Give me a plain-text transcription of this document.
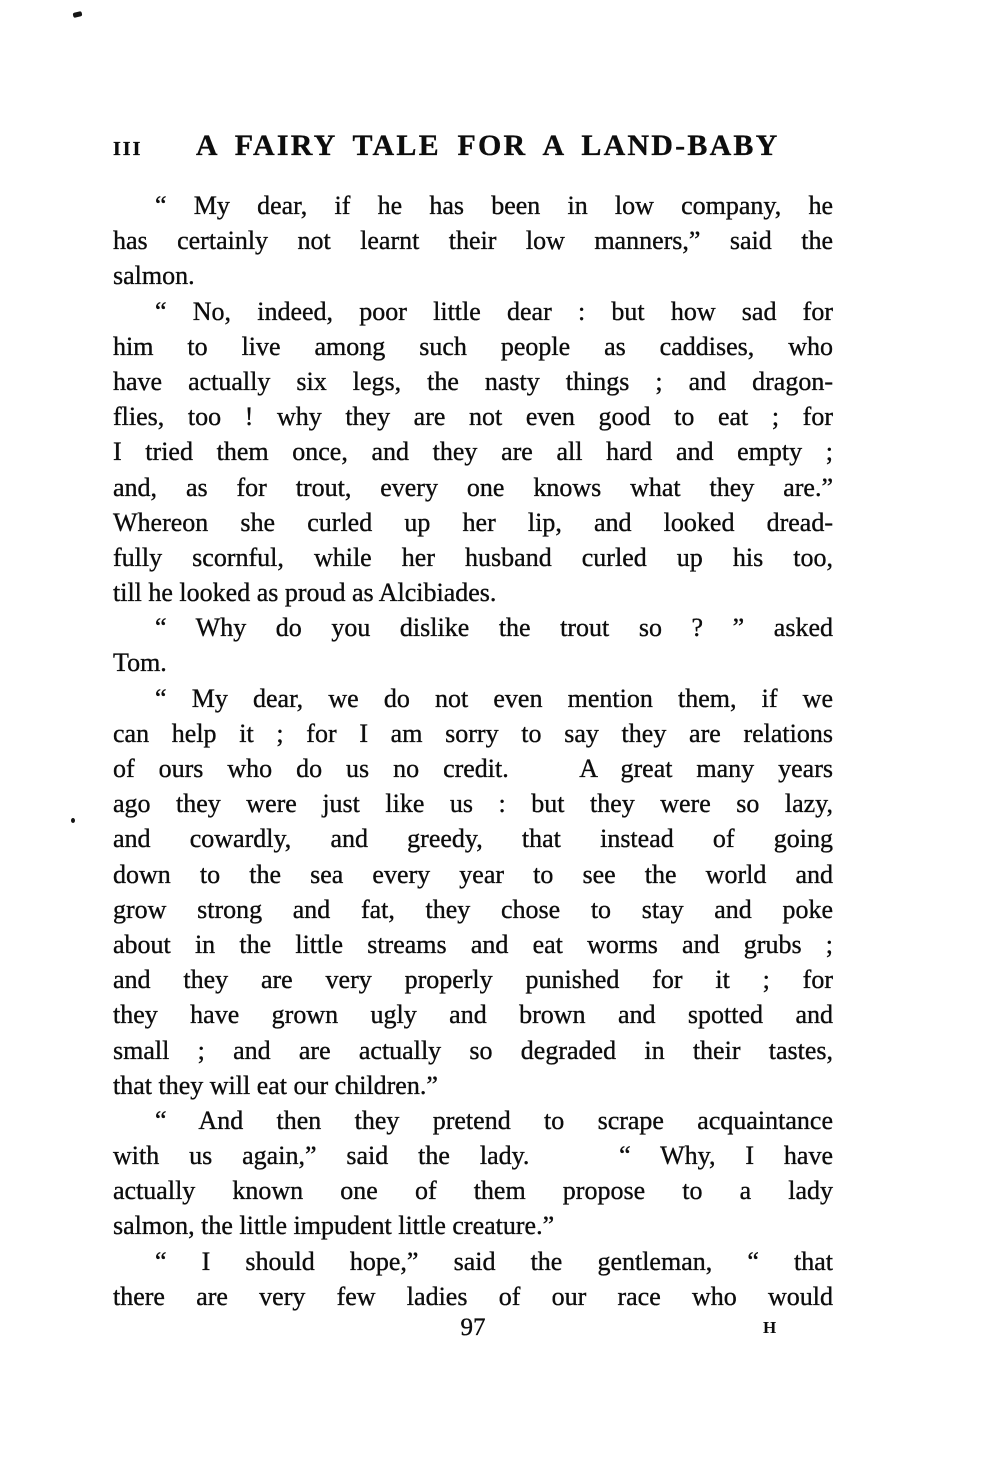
III	A FAIRY TALE FOR A LAND-BABY
“ My dear, if he has been in low company, he
has certainly not learnt their low manners,” said the
salmon.
“ No, indeed, poor little dear : but how sad for
him to live among such people as caddises, who
have actually six legs, the nasty things ; and dragon-
flies, too ! why they are not even good to eat ; for
I tried them once, and they are all hard and empty ;
and, as for trout, every one knows what they are.”
Whereon she curled up her lip, and looked dread-
fully scornful, while her husband curled up his too,
till he looked as proud as Alcibiades.
“ Why do you dislike the trout so ? ” asked
Tom.
“ My dear, we do not even mention them, if we
can help it ; for I am sorry to say they are relations
of ours who do us no credit.   A great many years
ago they were just like us : but they were so lazy,
and cowardly, and greedy, that instead of going
down to the sea every year to see the world and
grow strong and fat, they chose to stay and poke
about in the little streams and eat worms and grubs ;
and they are very properly punished for it ; for
they have grown ugly and brown and spotted and
small ; and are actually so degraded in their tastes,
that they will eat our children.”
“ And then they pretend to scrape acquaintance
with us again,” said the lady.   “ Why, I have
actually known one of them propose to a lady
salmon, the little impudent little creature.”
“ I should hope,” said the gentleman, “ that
there are very few ladies of our race who would
97	H
